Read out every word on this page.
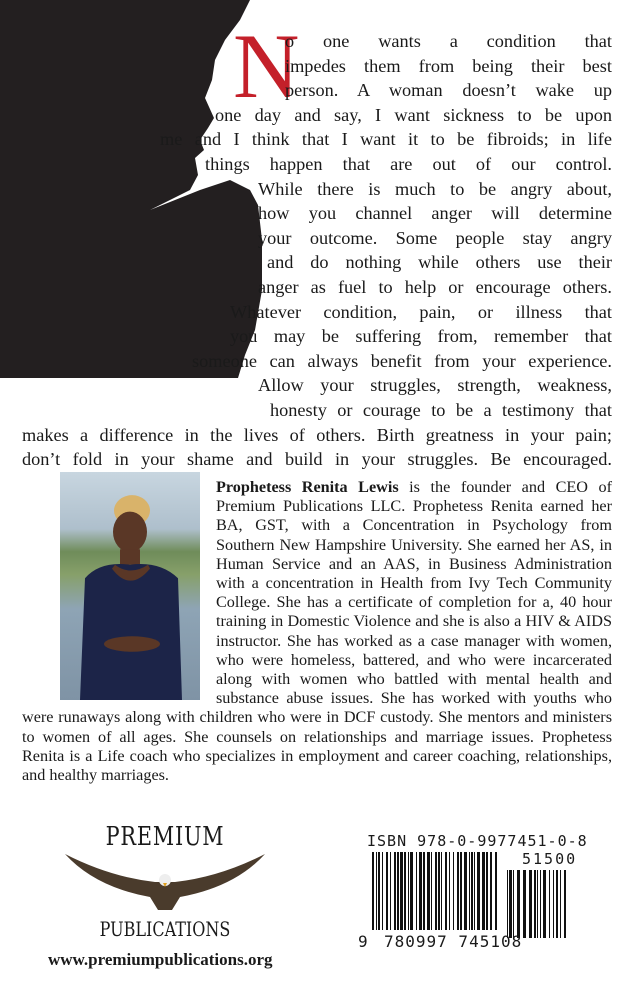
N
o one wants a condition that
impedes them from being their best
person. A woman doesn’t wake up
one day and say, I want sickness to be upon
me and I think that I want it to be fibroids; in life
things happen that are out of our control.
While there is much to be angry about,
how you channel anger will determine
your outcome. Some people stay angry
and do nothing while others use their
anger as fuel to help or encourage others.
Whatever condition, pain, or illness that
you may be suffering from, remember that
someone can always benefit from your experience.
Allow your struggles, strength, weakness,
honesty or courage to be a testimony that
makes a difference in the lives of others. Birth greatness in your pain;
don’t fold in your shame and build in your struggles. Be encouraged.
Prophetess Renita Lewis is the founder and CEO of Premium Publications LLC. Prophetess Renita earned her BA, GST, with a Concentration in Psychology from Southern New Hampshire University. She earned her AS, in Human Service and an AAS, in Business Administration with a concentration in Health from Ivy Tech Community College. She has a certificate of completion for a, 40 hour training in Domestic Violence and she is also a HIV & AIDS instructor. She has worked as a case manager with women, who were homeless, battered, and who were incarcerated along with women who battled with mental health and substance abuse issues. She has worked with youths who were runaways along with children who were in DCF custody. She mentors and ministers to women of all ages. She counsels on relationships and marriage issues. Prophetess Renita is a Life coach who specializes in employment and career coaching, relationships, and healthy marriages.
PREMIUM
PUBLICATIONS
www.premiumpublications.org
ISBN 978-0-9977451-0-8
51500
9 780997 745108
